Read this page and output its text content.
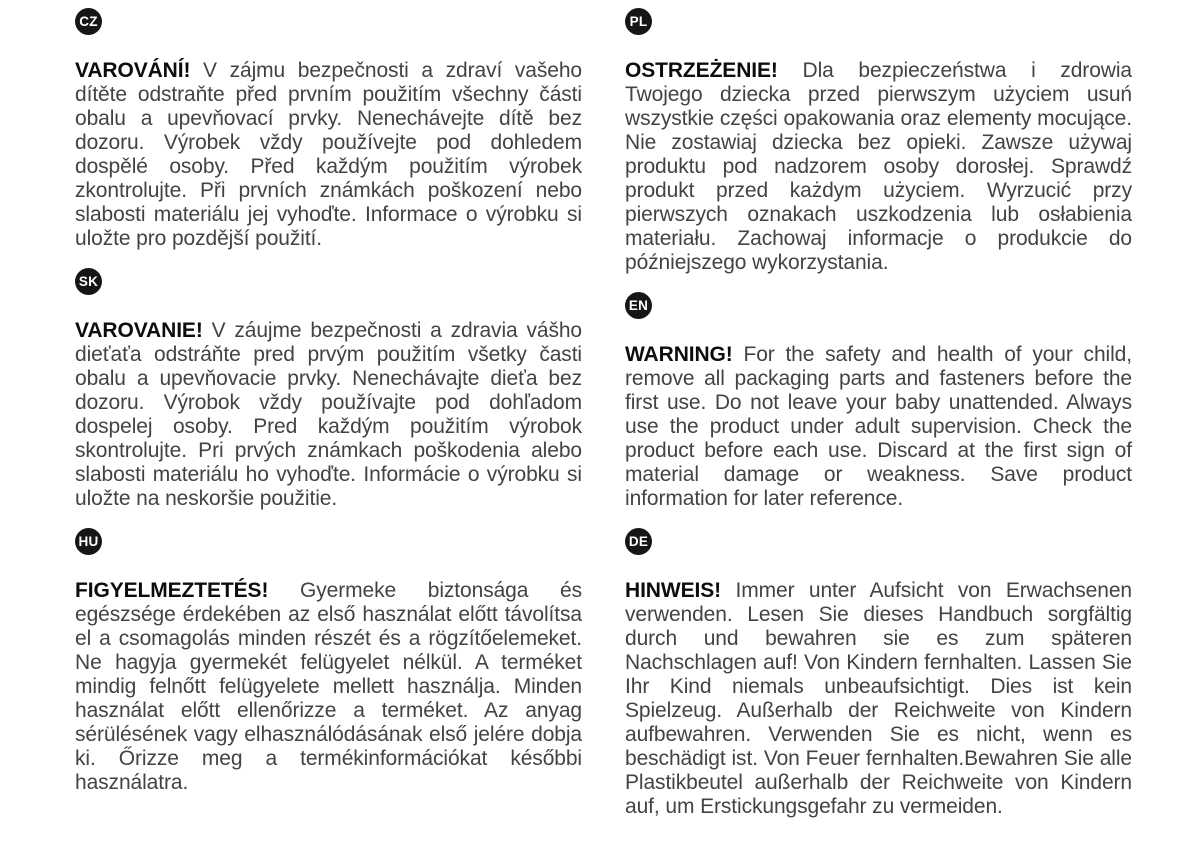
CZ

VAROVÁNÍ! V zájmu bezpečnosti a zdraví vašeho dítěte odstraňte před prvním použitím všechny části obalu a upevňovací prvky. Nenechávejte dítě bez dozoru. Výrobek vždy používejte pod dohledem dospělé osoby. Před každým použitím výrobek zkontrolujte. Při prvních známkách poškození nebo slabosti materiálu jej vyhoďte. Informace o výrobku si uložte pro pozdější použití.

SK

VAROVANIE! V záujme bezpečnosti a zdravia vášho dieťaťa odstráňte pred prvým použitím všetky časti obalu a upevňovacie prvky. Nenechávajte dieťa bez dozoru. Výrobok vždy používajte pod dohľadom dospelej osoby. Pred každým použitím výrobok skontrolujte. Pri prvých známkach poškodenia alebo slabosti materiálu ho vyhoďte. Informácie o výrobku si uložte na neskoršie použitie.

HU

FIGYELMEZTETÉS! Gyermeke biztonsága és egészsége érdekében az első használat előtt távolítsa el a csomagolás minden részét és a rögzítőelemeket. Ne hagyja gyermekét felügyelet nélkül. A terméket mindig felnőtt felügyelete mellett használja. Minden használat előtt ellenőrizze a terméket. Az anyag sérülésének vagy elhasználódásának első jelére dobja ki. Őrizze meg a termékinformációkat későbbi használatra.

PL

OSTRZEŻENIE! Dla bezpieczeństwa i zdrowia Twojego dziecka przed pierwszym użyciem usuń wszystkie części opakowania oraz elementy mocujące. Nie zostawiaj dziecka bez opieki. Zawsze używaj produktu pod nadzorem osoby dorosłej. Sprawdź produkt przed każdym użyciem. Wyrzucić przy pierwszych oznakach uszkodzenia lub osłabienia materiału. Zachowaj informacje o produkcie do późniejszego wykorzystania.

EN

WARNING! For the safety and health of your child, remove all packaging parts and fasteners before the first use. Do not leave your baby unattended. Always use the product under adult supervision. Check the product before each use. Discard at the first sign of material damage or weakness. Save product information for later reference.

DE

HINWEIS! Immer unter Aufsicht von Erwachsenen verwenden. Lesen Sie dieses Handbuch sorgfältig durch und bewahren sie es zum späteren Nachschlagen auf! Von Kindern fernhalten. Lassen Sie Ihr Kind niemals unbeaufsichtigt. Dies ist kein Spielzeug. Außerhalb der Reichweite von Kindern aufbewahren. Verwenden Sie es nicht, wenn es beschädigt ist. Von Feuer fernhalten.Bewahren Sie alle Plastikbeutel außerhalb der Reichweite von Kindern auf, um Erstickungsgefahr zu vermeiden.
